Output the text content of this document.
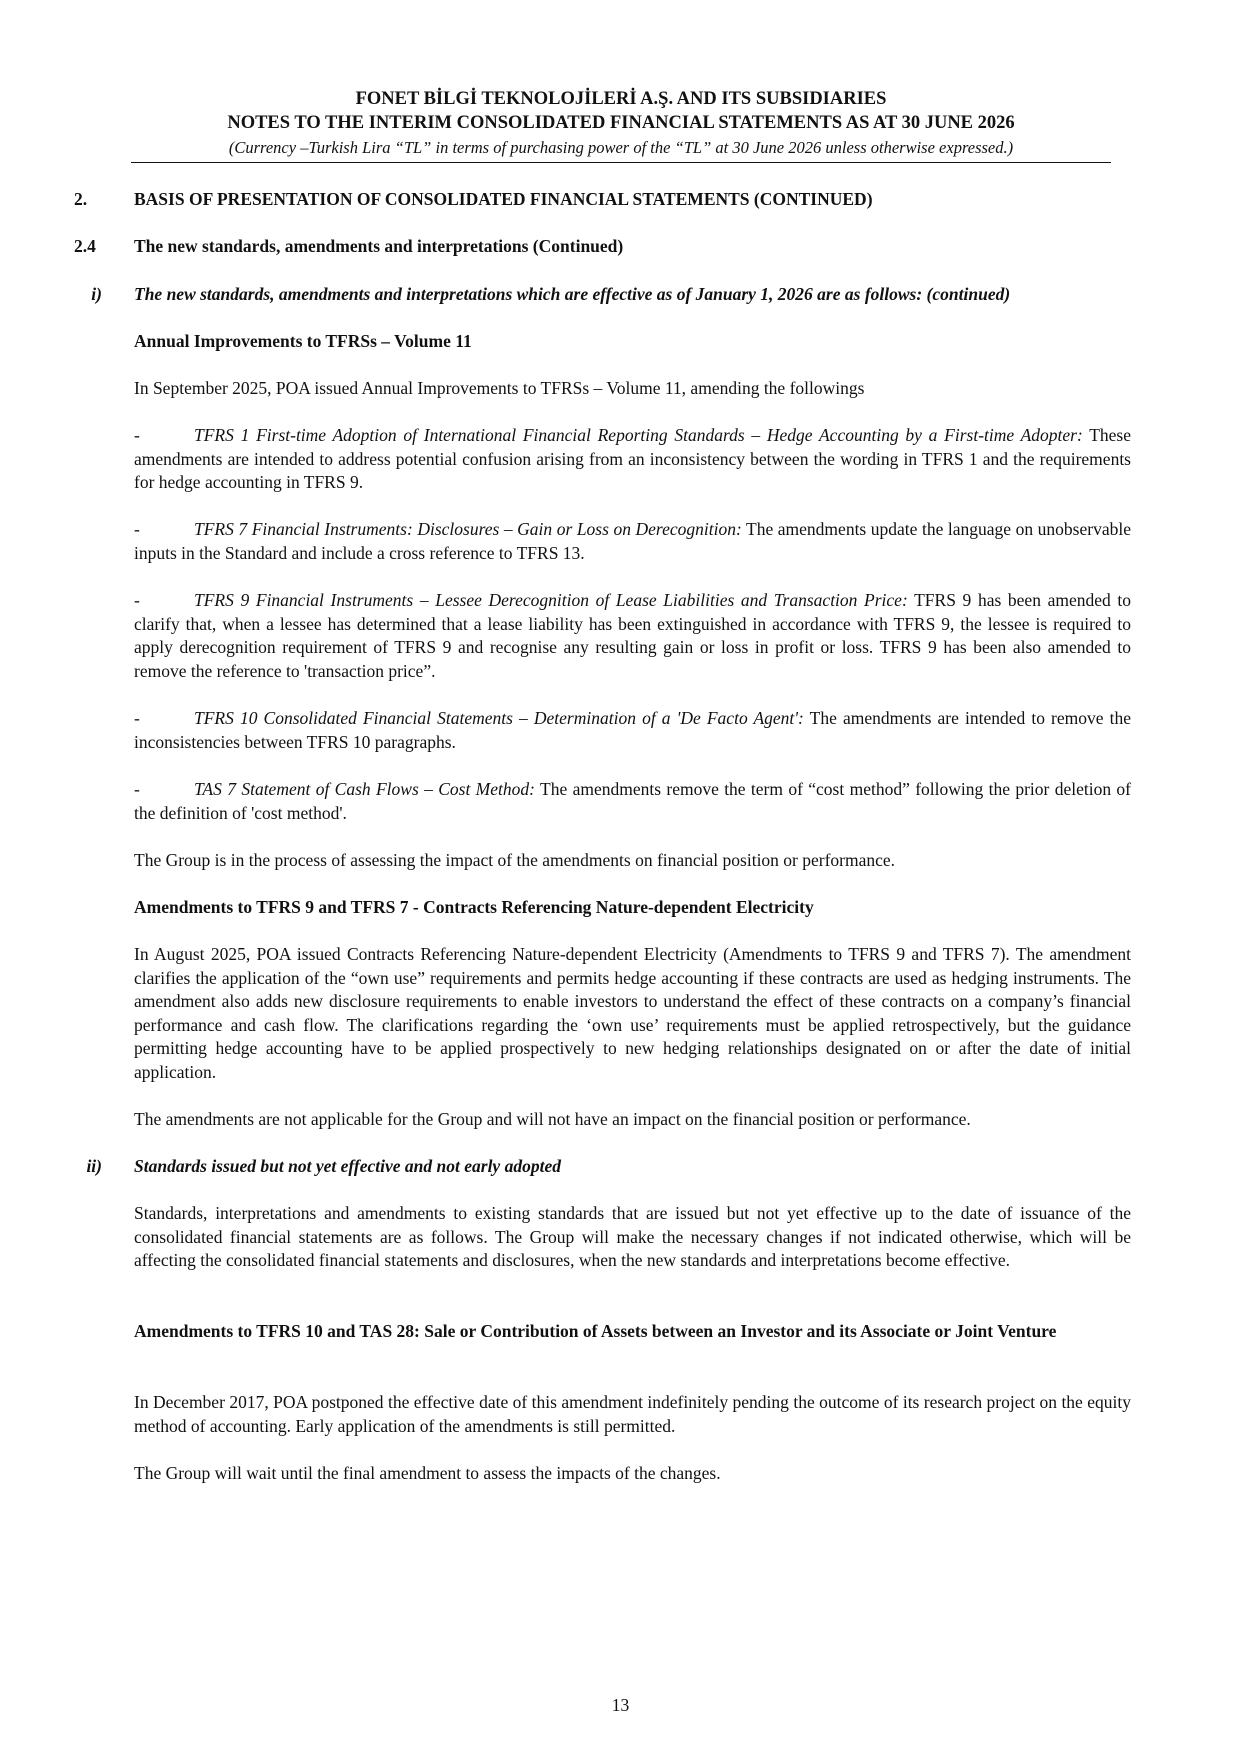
FONET BİLGİ TEKNOLOJİLERİ A.Ş. AND ITS SUBSIDIARIES
NOTES TO THE INTERIM CONSOLIDATED FINANCIAL STATEMENTS AS AT 30 JUNE 2026
(Currency –Turkish Lira “TL” in terms of purchasing power of the “TL” at 30 June 2026 unless otherwise expressed.)
2.	BASIS OF PRESENTATION OF CONSOLIDATED FINANCIAL STATEMENTS (CONTINUED)
2.4 The new standards, amendments and interpretations (Continued)
i) The new standards, amendments and interpretations which are effective as of January 1, 2026 are as follows: (continued)
Annual Improvements to TFRSs – Volume 11
In September 2025, POA issued Annual Improvements to TFRSs – Volume 11, amending the followings
-	TFRS 1 First-time Adoption of International Financial Reporting Standards – Hedge Accounting by a First-time Adopter: These amendments are intended to address potential confusion arising from an inconsistency between the wording in TFRS 1 and the requirements for hedge accounting in TFRS 9.
-	TFRS 7 Financial Instruments: Disclosures – Gain or Loss on Derecognition: The amendments update the language on unobservable inputs in the Standard and include a cross reference to TFRS 13.
-	TFRS 9 Financial Instruments – Lessee Derecognition of Lease Liabilities and Transaction Price: TFRS 9 has been amended to clarify that, when a lessee has determined that a lease liability has been extinguished in accordance with TFRS 9, the lessee is required to apply derecognition requirement of TFRS 9 and recognise any resulting gain or loss in profit or loss. TFRS 9 has been also amended to remove the reference to 'transaction price”.
-	TFRS 10 Consolidated Financial Statements – Determination of a 'De Facto Agent': The amendments are intended to remove the inconsistencies between TFRS 10 paragraphs.
-	TAS 7 Statement of Cash Flows – Cost Method: The amendments remove the term of “cost method” following the prior deletion of the definition of 'cost method'.
The Group is in the process of assessing the impact of the amendments on financial position or performance.
Amendments to TFRS 9 and TFRS 7 - Contracts Referencing Nature-dependent Electricity
In August 2025, POA issued Contracts Referencing Nature-dependent Electricity (Amendments to TFRS 9 and TFRS 7). The amendment clarifies the application of the “own use” requirements and permits hedge accounting if these contracts are used as hedging instruments. The amendment also adds new disclosure requirements to enable investors to understand the effect of these contracts on a company’s financial performance and cash flow. The clarifications regarding the ‘own use’ requirements must be applied retrospectively, but the guidance permitting hedge accounting have to be applied prospectively to new hedging relationships designated on or after the date of initial application.
The amendments are not applicable for the Group and will not have an impact on the financial position or performance.
ii) Standards issued but not yet effective and not early adopted
Standards, interpretations and amendments to existing standards that are issued but not yet effective up to the date of issuance of the consolidated financial statements are as follows. The Group will make the necessary changes if not indicated otherwise, which will be affecting the consolidated financial statements and disclosures, when the new standards and interpretations become effective.
Amendments to TFRS 10 and TAS 28: Sale or Contribution of Assets between an Investor and its Associate or Joint Venture
In December 2017, POA postponed the effective date of this amendment indefinitely pending the outcome of its research project on the equity method of accounting. Early application of the amendments is still permitted.
The Group will wait until the final amendment to assess the impacts of the changes.
13
